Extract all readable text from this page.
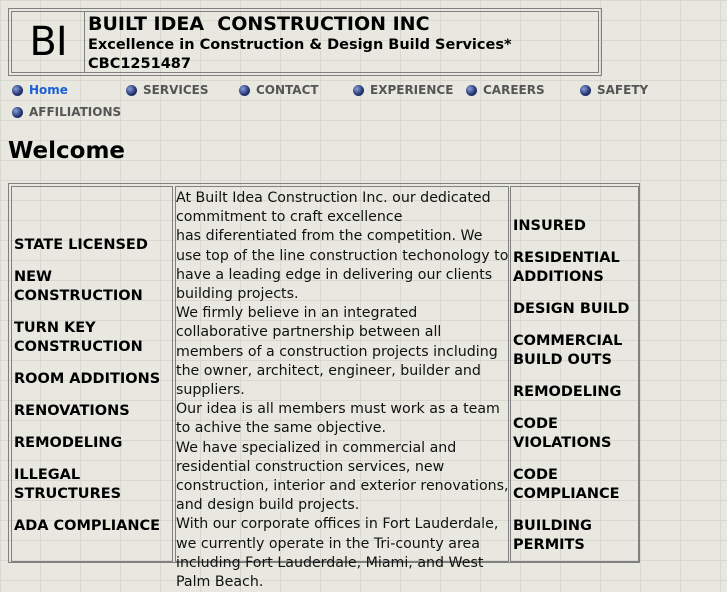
BI BUILT IDEA  CONSTRUCTION INC
Excellence in Construction & Design Build Services*
CBC1251487
Home	SERVICES	CONTACT	EXPERIENCE CAREERS	SAFETY
AFFILIATIONS
Welcome
STATE LICENSED
NEW CONSTRUCTION
TURN KEY CONSTRUCTION
ROOM ADDITIONS
RENOVATIONS
REMODELING
ILLEGAL STRUCTURES
ADA COMPLIANCE

At Built Idea Construction Inc. our dedicated commitment to craft excellence

has diferentiated from the competition. We use top of the line construction techonology to have a leading edge in delivering our clients building projects.

We firmly believe in an integrated collaborative partnership between all members of a construction projects including the owner, architect, engineer, builder and suppliers.

Our idea is all members must work as a team to achive the same objective.

We have specialized in commercial and residential construction services, new construction, interior and exterior renovations, and design build projects.

With our corporate offices in Fort Lauderdale, we currently operate in the Tri-county area including Fort Lauderdale, Miami, and West Palm Beach.

INSURED
RESIDENTIAL ADDITIONS
DESIGN BUILD
COMMERCIAL BUILD OUTS
REMODELING
CODE VIOLATIONS
CODE COMPLIANCE
BUILDING PERMITS
